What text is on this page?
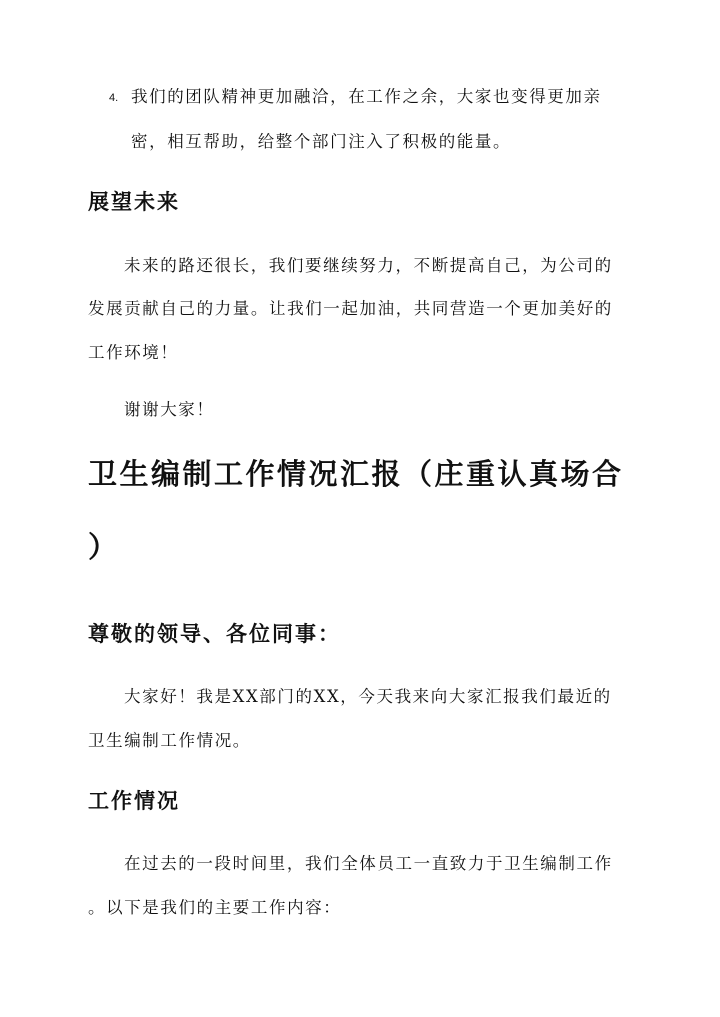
4. 我们的团队精神更加融洽，在工作之余，大家也变得更加亲
密，相互帮助，给整个部门注入了积极的能量。
展望未来
未来的路还很长，我们要继续努力，不断提高自己，为公司的
发展贡献自己的力量。让我们一起加油，共同营造一个更加美好的
工作环境！
谢谢大家！
卫生编制工作情况汇报（庄重认真场合
）
尊敬的领导、各位同事：
大家好！我是XX部门的XX，今天我来向大家汇报我们最近的
卫生编制工作情况。
工作情况
在过去的一段时间里，我们全体员工一直致力于卫生编制工作
。以下是我们的主要工作内容：
